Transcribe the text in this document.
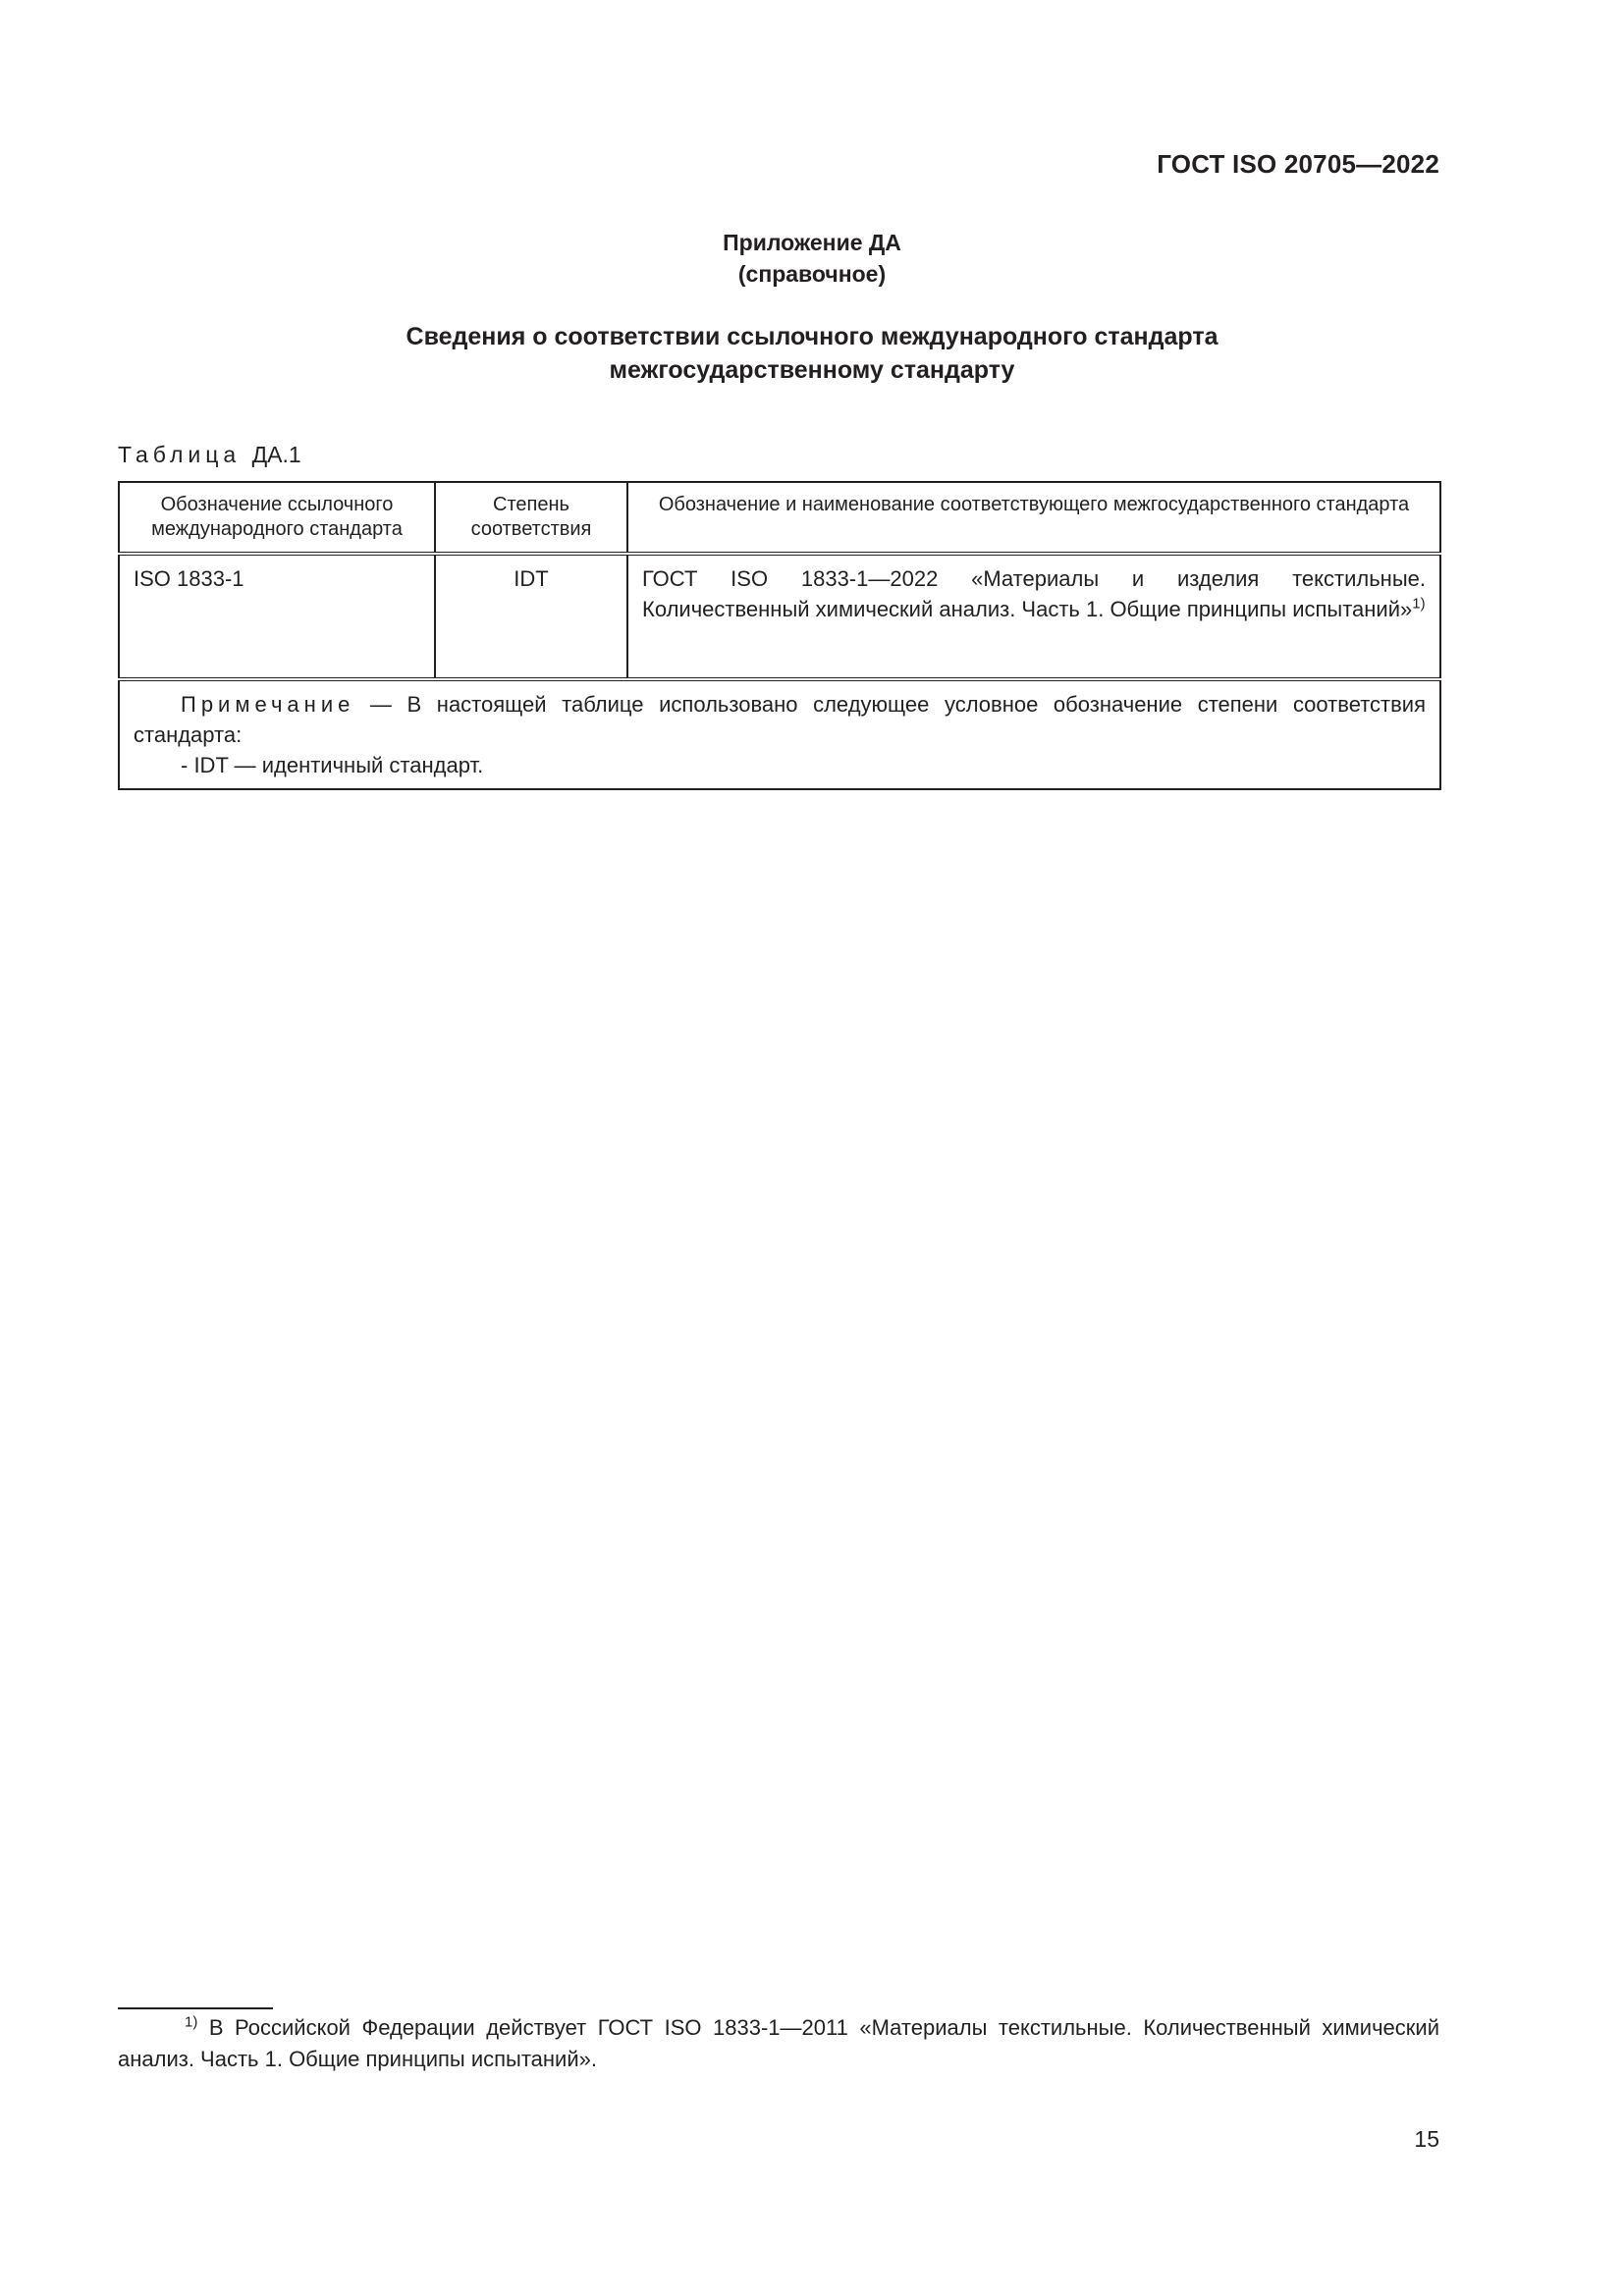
ГОСТ ISO 20705—2022
Приложение ДА
(справочное)
Сведения о соответствии ссылочного международного стандарта
межгосударственному стандарту
Таблица ДА.1
Обозначение ссылочного международного стандарта	Степень соответствия	Обозначение и наименование соответствующего межгосударственного стандарта
ISO 1833-1	IDT	ГОСТ ISO 1833-1—2022 «Материалы и изделия текстильные. Количественный химический анализ. Часть 1. Общие принципы испытаний»$^{1)}$

Примечание — В настоящей таблице использовано следующее условное обозначение степени соответствия стандарта:
- IDT — идентичный стандарт.		
$^{1)}$ В Российской Федерации действует ГОСТ ISO 1833-1—2011 «Материалы текстильные. Количественный химический анализ. Часть 1. Общие принципы испытаний».
15
